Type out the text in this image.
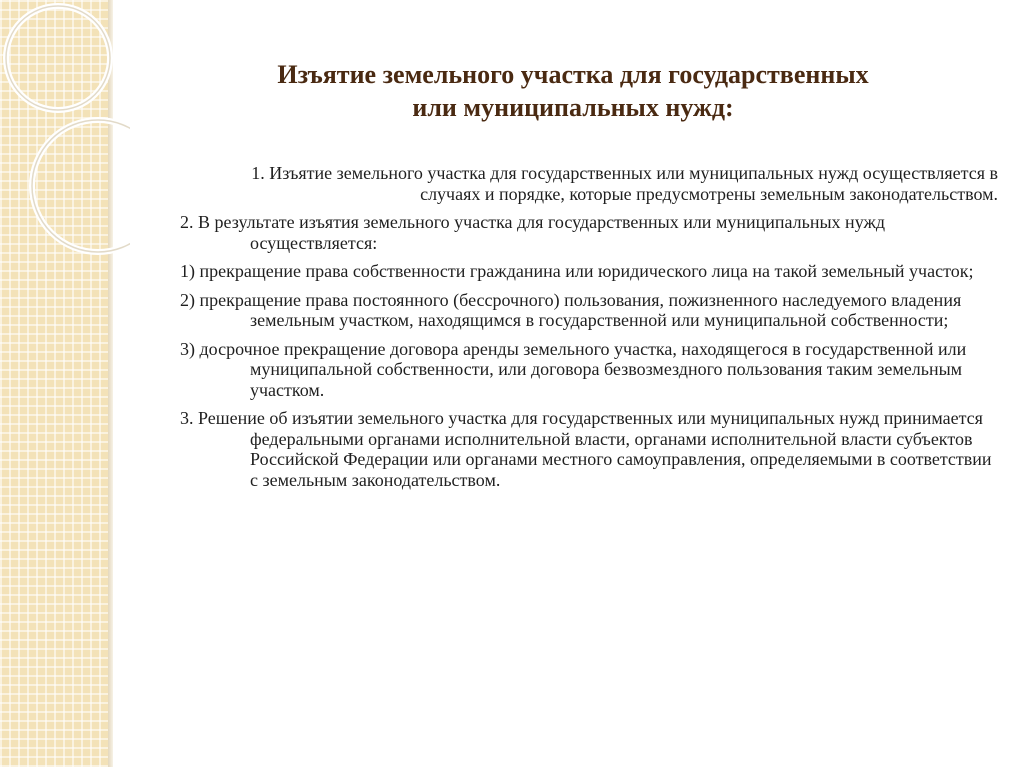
Изъятие земельного участка для государственных
или муниципальных нужд:

1. Изъятие земельного участка для государственных или муниципальных нужд осуществляется в случаях и порядке, которые предусмотрены земельным законодательством.

2. В результате изъятия земельного участка для государственных или муниципальных нужд осуществляется:

1) прекращение права собственности гражданина или юридического лица на такой земельный участок;

2) прекращение права постоянного (бессрочного) пользования, пожизненного наследуемого владения земельным участком, находящимся в государственной или муниципальной собственности;

3) досрочное прекращение договора аренды земельного участка, находящегося в государственной или муниципальной собственности, или договора безвозмездного пользования таким земельным участком.

3. Решение об изъятии земельного участка для государственных или муниципальных нужд принимается федеральными органами исполнительной власти, органами исполнительной власти субъектов Российской Федерации или органами местного самоуправления, определяемыми в соответствии с земельным законодательством.
